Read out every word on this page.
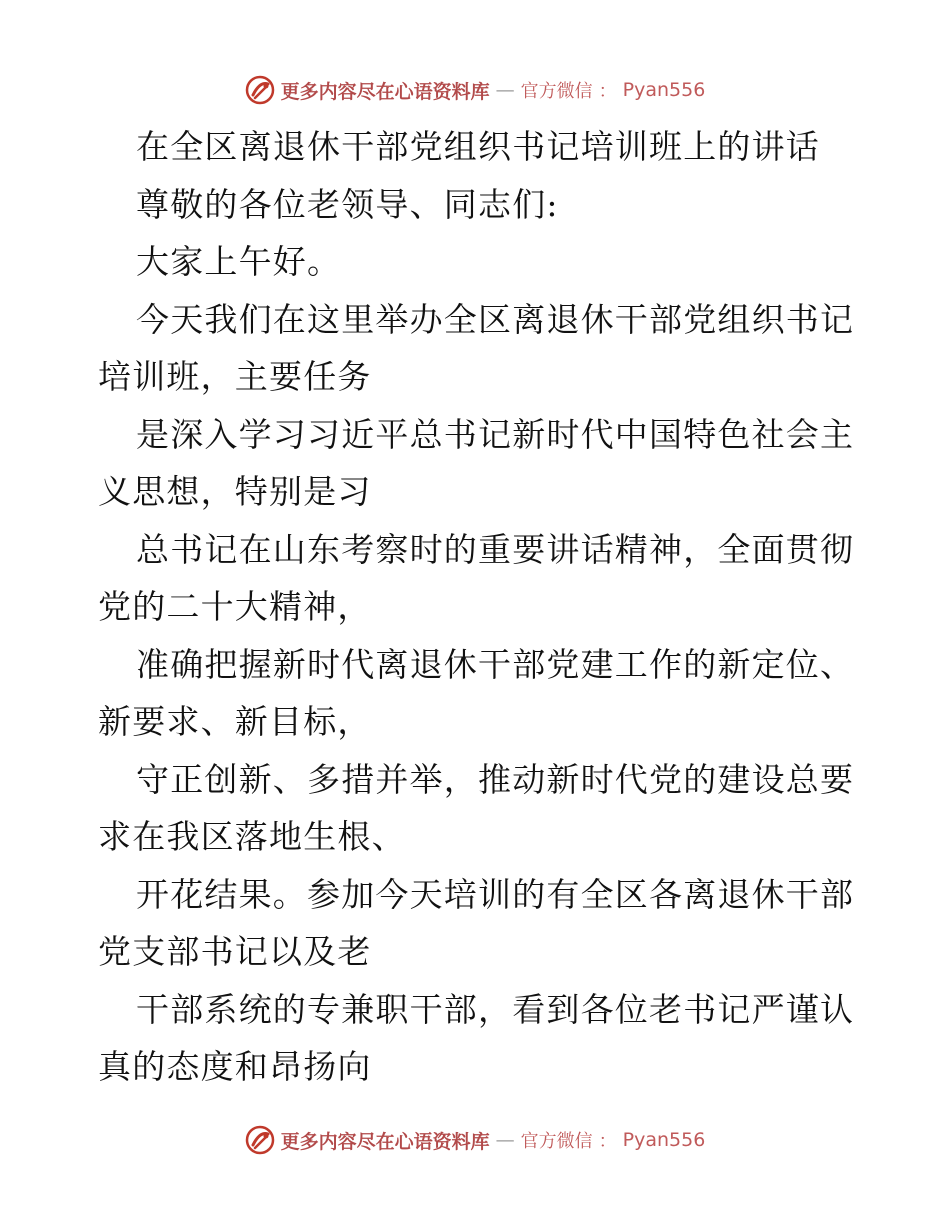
更多内容尽在心语资料库 — 官方微信 ： Pyan556
在全区离退休干部党组织书记培训班上的讲话
尊敬的各位老领导、同志们:
大家上午好。
今天我们在这里举办全区离退休干部党组织书记
培训班，主要任务
是深入学习习近平总书记新时代中国特色社会主
义思想，特别是习
总书记在山东考察时的重要讲话精神，全面贯彻
党的二十大精神，
准确把握新时代离退休干部党建工作的新定位、
新要求、新目标，
守正创新、多措并举，推动新时代党的建设总要
求在我区落地生根、
开花结果。参加今天培训的有全区各离退休干部
党支部书记以及老
干部系统的专兼职干部，看到各位老书记严谨认
真的态度和昂扬向
更多内容尽在心语资料库 — 官方微信 ： Pyan556
